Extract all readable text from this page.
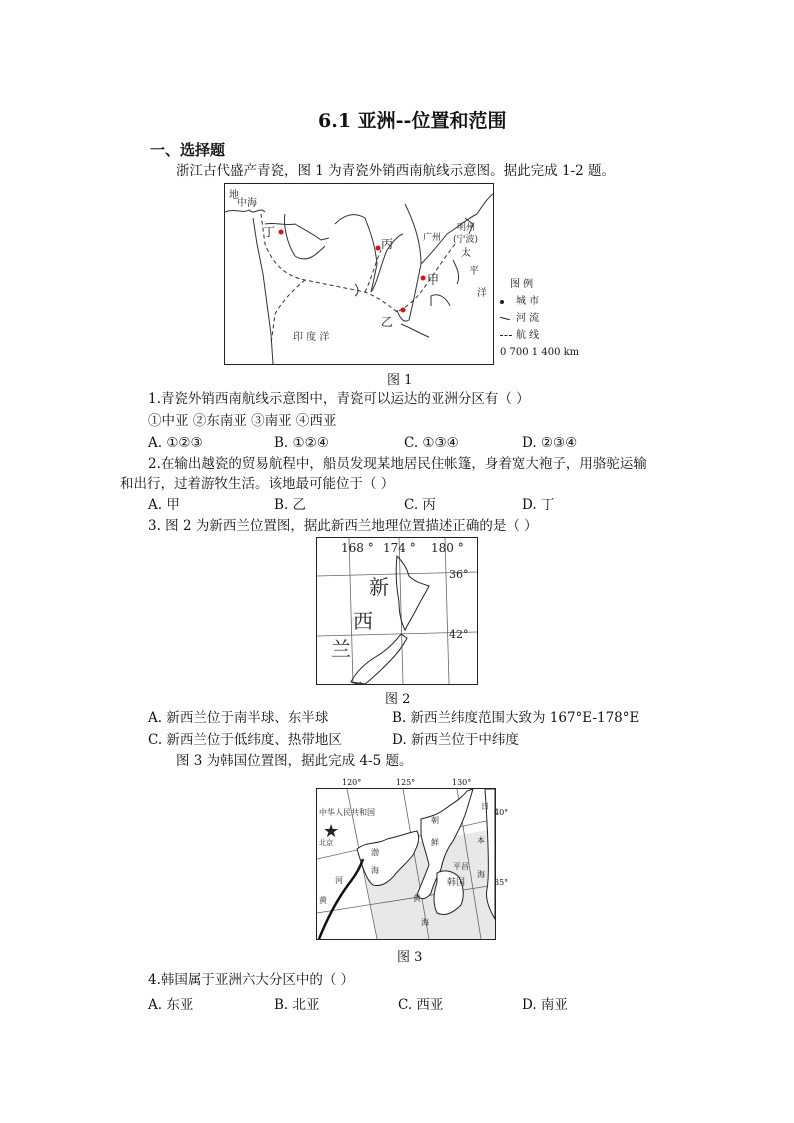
6.1 亚洲--位置和范围
一、选择题
浙江古代盛产青瓷，图 1 为青瓷外销西南航线示意图。据此完成 1-2 题。
地
中海
丁
丙
甲
乙
明州
(宁波)
广州
太
平
洋
印 度 洋
图 例
城 市
河 流
航 线
0 700 1 400 km
图 1
1.青瓷外销西南航线示意图中，青瓷可以运达的亚洲分区有（ ）
①中亚 ②东南亚 ③南亚 ④西亚
A. ①②③	B. ①②④	C. ①③④	D. ②③④
2.在输出越瓷的贸易航程中，船员发现某地居民住帐篷，身着宽大袍子，用骆驼运输
和出行，过着游牧生活。该地最可能位于（ ）
A. 甲	B. 乙	C. 丙	D. 丁
3. 图 2 为新西兰位置图，据此新西兰地理位置描述正确的是（ ）
168 ° 174 ° 180 °
36°
42°
新
西
兰
图 2
A. 新西兰位于南半球、东半球	B. 新西兰纬度范围大致为 167°E-178°E
C. 新西兰位于低纬度、热带地区	D. 新西兰位于中纬度
图 3 为韩国位置图，据此完成 4-5 题。
120°	125°	130°
★
中华人民共和国
北京
渤
海
河
黄
朝
鲜
平昌
韩国
黄
海
日
本
海
40°
35°
图 3
4.韩国属于亚洲六大分区中的（ ）
A. 东亚	B. 北亚	C. 西亚	D. 南亚
